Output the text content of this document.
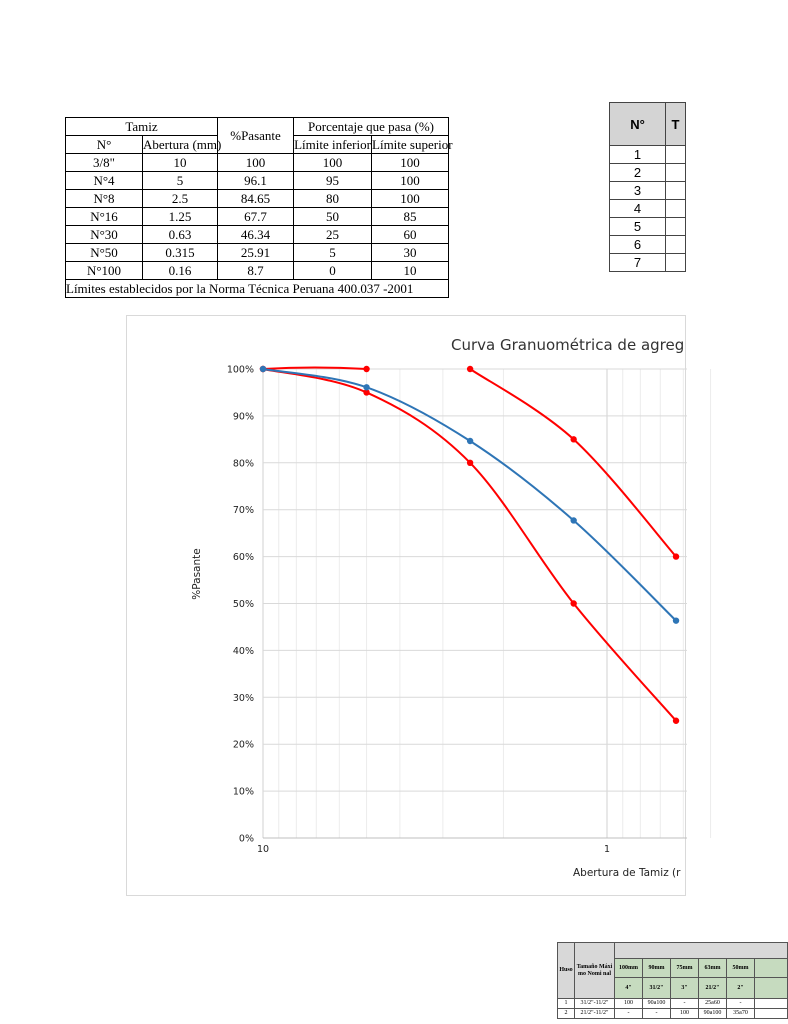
Tamiz		%Pasante	Porcentaje que pasa (%)	
N°	Abertura (mm)		Límite inferior	Límite superior
3/8"	10	100	100	100
N°4	5	96.1	95	100
N°8	2.5	84.65	80	100
N°16	1.25	67.7	50	85
N°30	0.63	46.34	25	60
N°50	0.315	25.91	5	30
N°100	0.16	8.7	0	10
Límites establecidos por la Norma Técnica Peruana 400.037 -2001				
N°	T
1	
2	
3	
4	
5	
6	
7	
Curva Granuométrica de agreg
0%
10%
20%
30%
40%
50%
60%
70%
80%
90%
100%
10	1
%Pasante
Abertura de Tamiz (r
Huso	Tamaño Máxi mo Nomi nal						
		100mm	90mm	75mm	63mm	50mm	
		4"	31/2"	3"	21/2"	2"	
1	31/2"-11/2"	100	90a100	-	25a60	-	
2	21/2"-11/2"	-	-	100	90a100	35a70	
